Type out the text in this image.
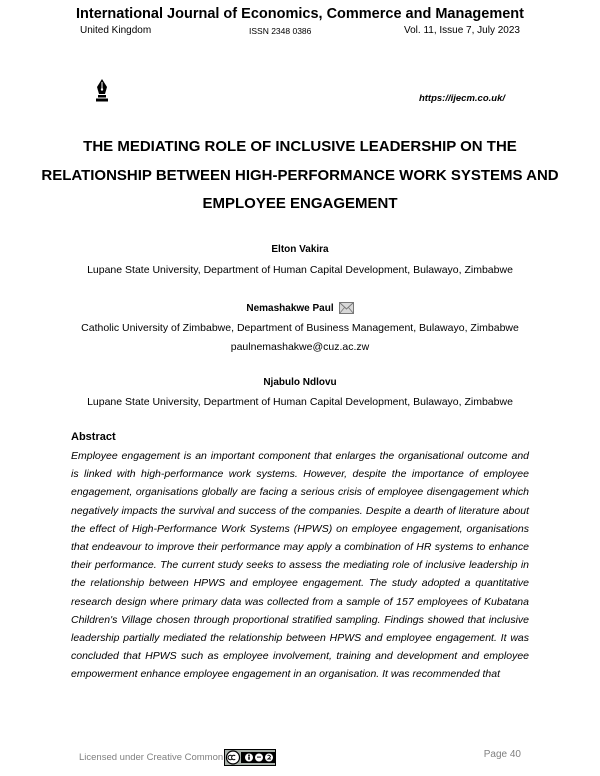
International Journal of Economics, Commerce and Management
United Kingdom	ISSN 2348 0386	Vol. 11, Issue 7, July 2023
https://ijecm.co.uk/
THE MEDIATING ROLE OF INCLUSIVE LEADERSHIP ON THE RELATIONSHIP BETWEEN HIGH-PERFORMANCE WORK SYSTEMS AND EMPLOYEE ENGAGEMENT
Elton Vakira
Lupane State University, Department of Human Capital Development, Bulawayo, Zimbabwe
Nemashakwe Paul
Catholic University of Zimbabwe, Department of Business Management, Bulawayo, Zimbabwe
paulnemashakwe@cuz.ac.zw
Njabulo Ndlovu
Lupane State University, Department of Human Capital Development, Bulawayo, Zimbabwe
Abstract
Employee engagement is an important component that enlarges the organisational outcome and is linked with high-performance work systems. However, despite the importance of employee engagement, organisations globally are facing a serious crisis of employee disengagement which negatively impacts the survival and success of the companies. Despite a dearth of literature about the effect of High-Performance Work Systems (HPWS) on employee engagement, organisations that endeavour to improve their performance may apply a combination of HR systems to enhance their performance. The current study seeks to assess the mediating role of inclusive leadership in the relationship between HPWS and employee engagement. The study adopted a quantitative research design where primary data was collected from a sample of 157 employees of Kubatana Children's Village chosen through proportional stratified sampling. Findings showed that inclusive leadership partially mediated the relationship between HPWS and employee engagement. It was concluded that HPWS such as employee involvement, training and development and employee empowerment enhance employee engagement in an organisation. It was recommended that
Licensed under Creative Common	Page 40
